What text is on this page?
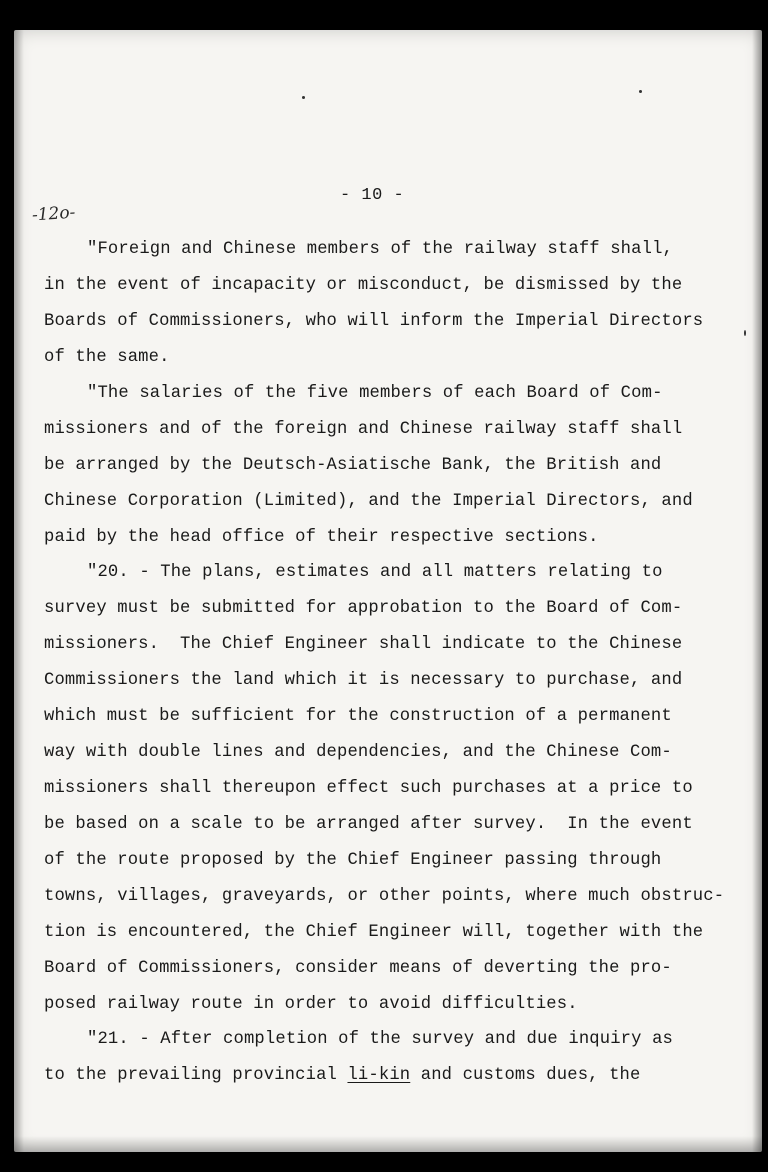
- 10 -
-12o-
"Foreign and Chinese members of the railway staff shall,
in the event of incapacity or misconduct, be dismissed by the
Boards of Commissioners, who will inform the Imperial Directors
of the same.
"The salaries of the five members of each Board of Com-
missioners and of the foreign and Chinese railway staff shall
be arranged by the Deutsch-Asiatische Bank, the British and
Chinese Corporation (Limited), and the Imperial Directors, and
paid by the head office of their respective sections.
"20. - The plans, estimates and all matters relating to
survey must be submitted for approbation to the Board of Com-
missioners.  The Chief Engineer shall indicate to the Chinese
Commissioners the land which it is necessary to purchase, and
which must be sufficient for the construction of a permanent
way with double lines and dependencies, and the Chinese Com-
missioners shall thereupon effect such purchases at a price to
be based on a scale to be arranged after survey.  In the event
of the route proposed by the Chief Engineer passing through
towns, villages, graveyards, or other points, where much obstruc-
tion is encountered, the Chief Engineer will, together with the
Board of Commissioners, consider means of deverting the pro-
posed railway route in order to avoid difficulties.
"21. - After completion of the survey and due inquiry as
to the prevailing provincial li-kin and customs dues, the
